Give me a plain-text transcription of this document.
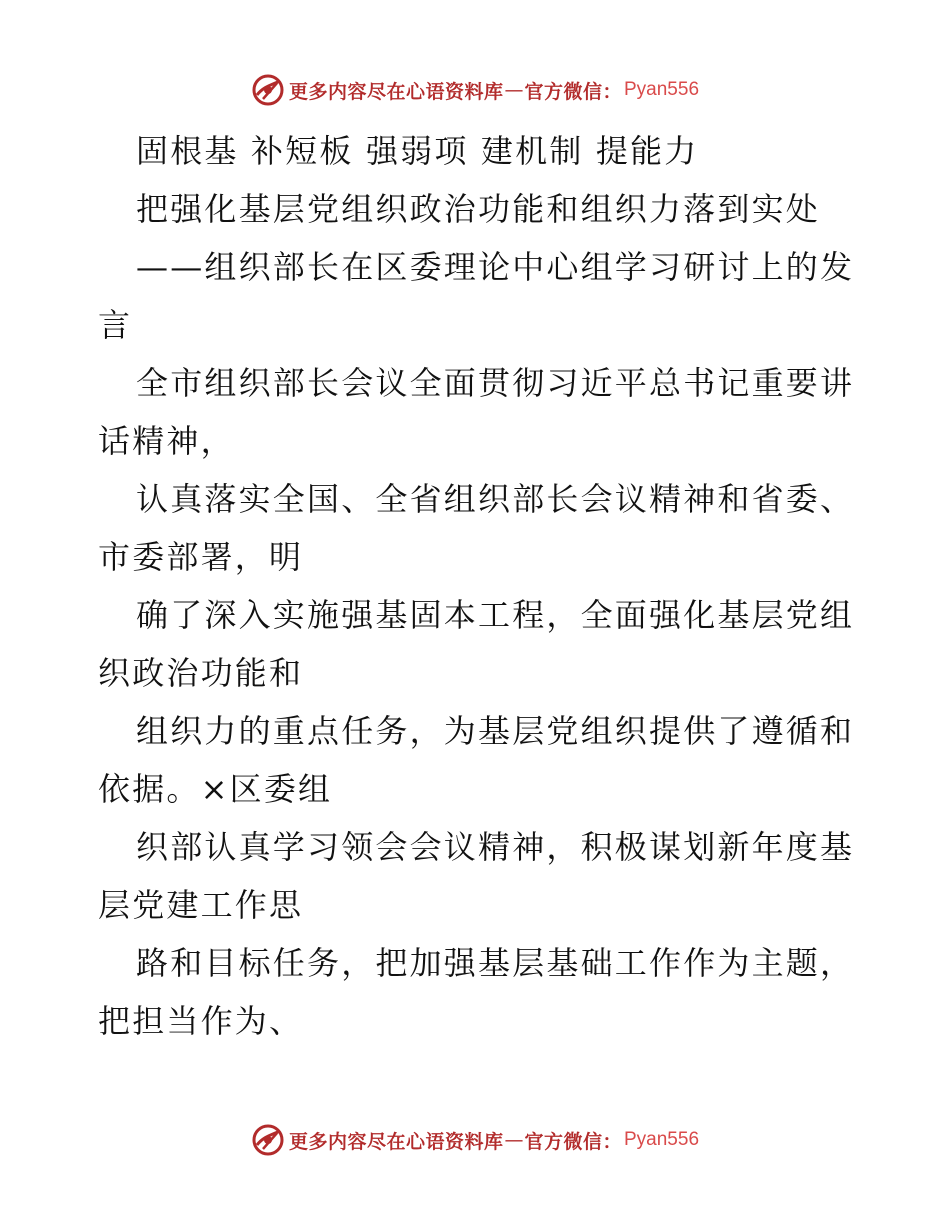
更多内容尽在心语资料库 — 官方微信： Pyan556

固根基 补短板 强弱项 建机制 提能力

把强化基层党组织政治功能和组织力落到实处

——组织部长在区委理论中心组学习研讨上的发

言

全市组织部长会议全面贯彻习近平总书记重要讲

话精神，

认真落实全国、全省组织部长会议精神和省委、

市委部署，明

确了深入实施强基固本工程，全面强化基层党组

织政治功能和

组织力的重点任务，为基层党组织提供了遵循和

依据。×区委组

织部认真学习领会会议精神，积极谋划新年度基

层党建工作思

路和目标任务，把加强基层基础工作作为主题，

把担当作为、

更多内容尽在心语资料库 — 官方微信： Pyan556
